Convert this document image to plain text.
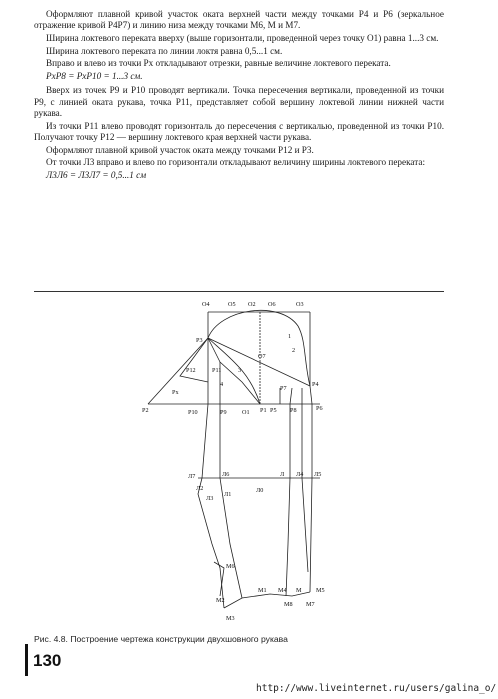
Оформляют плавной кривой участок оката верхней части между точками P4 и P6 (зеркальное отражение кривой P4P7) и линию низа между точками M6, M и M7.

Ширина локтевого переката вверху (выше горизонтали, проведенной через точку O1) равна 1...3 см.

Ширина локтевого переката по линии локтя равна 0,5...1 см.

Вправо и влево из точки Px откладывают отрезки, равные величине локтевого переката.

PxP8 = PxP10 = 1...3 см.

Вверх из точек P9 и P10 проводят вертикали. Точка пересечения вертикали, проведенной из точки P9, с линией оката рукава, точка P11, представляет собой вершину локтевой линии нижней части рукава.

Из точки P11 влево проводят горизонталь до пересечения с вертикалью, проведенной из точки P10. Получают точку P12 — вершину локтевого края верхней части рукава.

Оформляют плавной кривой участок оката между точками P12 и P3.

От точки Л3 вправо и влево по горизонтали откладывают величину ширины локтевого переката:

Л3Л6 = Л3Л7 = 0,5...1 см

O4	O5 O2 O6	O3
P3
O7
1
2
3
4
P11
P12
Px
P2	P10	P9 O1 P1 P5
P7
P8
P4
P6
Л7	Л6	Л Л4 Л5
Л2	Л0
Л1
Л3
M6
M2
M1 M4 M M5
M8 M7
M3
Рис. 4.8. Построение чертежа конструкции двухшовного рукава
130
http://www.liveinternet.ru/users/galina_o/
